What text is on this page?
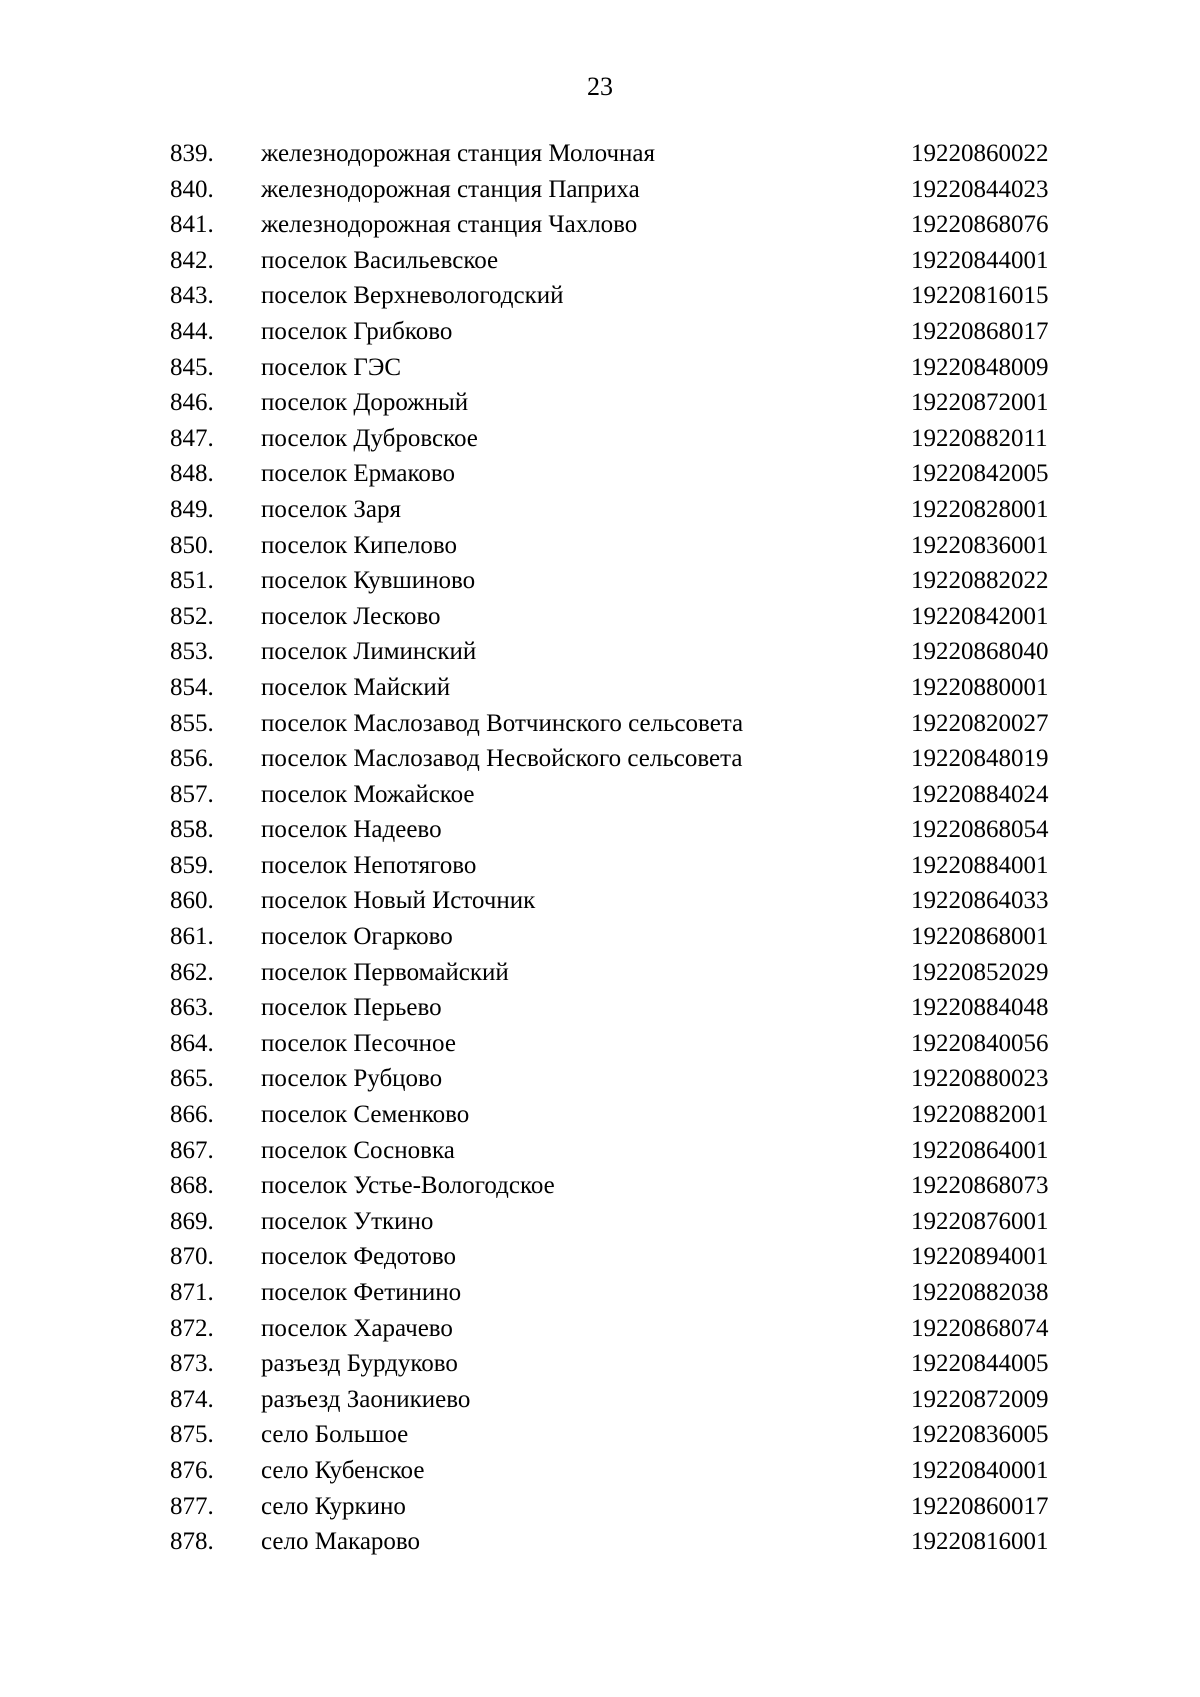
23
839.	железнодорожная станция Молочная	19220860022
840.	железнодорожная станция Паприха	19220844023
841.	железнодорожная станция Чахлово	19220868076
842.	поселок Васильевское	19220844001
843.	поселок Верхневологодский	19220816015
844.	поселок Грибково	19220868017
845.	поселок ГЭС	19220848009
846.	поселок Дорожный	19220872001
847.	поселок Дубровское	19220882011
848.	поселок Ермаково	19220842005
849.	поселок Заря	19220828001
850.	поселок Кипелово	19220836001
851.	поселок Кувшиново	19220882022
852.	поселок Лесково	19220842001
853.	поселок Лиминский	19220868040
854.	поселок Майский	19220880001
855.	поселок Маслозавод Вотчинского сельсовета	19220820027
856.	поселок Маслозавод Несвойского сельсовета	19220848019
857.	поселок Можайское	19220884024
858.	поселок Надеево	19220868054
859.	поселок Непотягово	19220884001
860.	поселок Новый Источник	19220864033
861.	поселок Огарково	19220868001
862.	поселок Первомайский	19220852029
863.	поселок Перьево	19220884048
864.	поселок Песочное	19220840056
865.	поселок Рубцово	19220880023
866.	поселок Семенково	19220882001
867.	поселок Сосновка	19220864001
868.	поселок Устье-Вологодское	19220868073
869.	поселок Уткино	19220876001
870.	поселок Федотово	19220894001
871.	поселок Фетинино	19220882038
872.	поселок Харачево	19220868074
873.	разъезд Бурдуково	19220844005
874.	разъезд Заоникиево	19220872009
875.	село Большое	19220836005
876.	село Кубенское	19220840001
877.	село Куркино	19220860017
878.	село Макарово	19220816001
